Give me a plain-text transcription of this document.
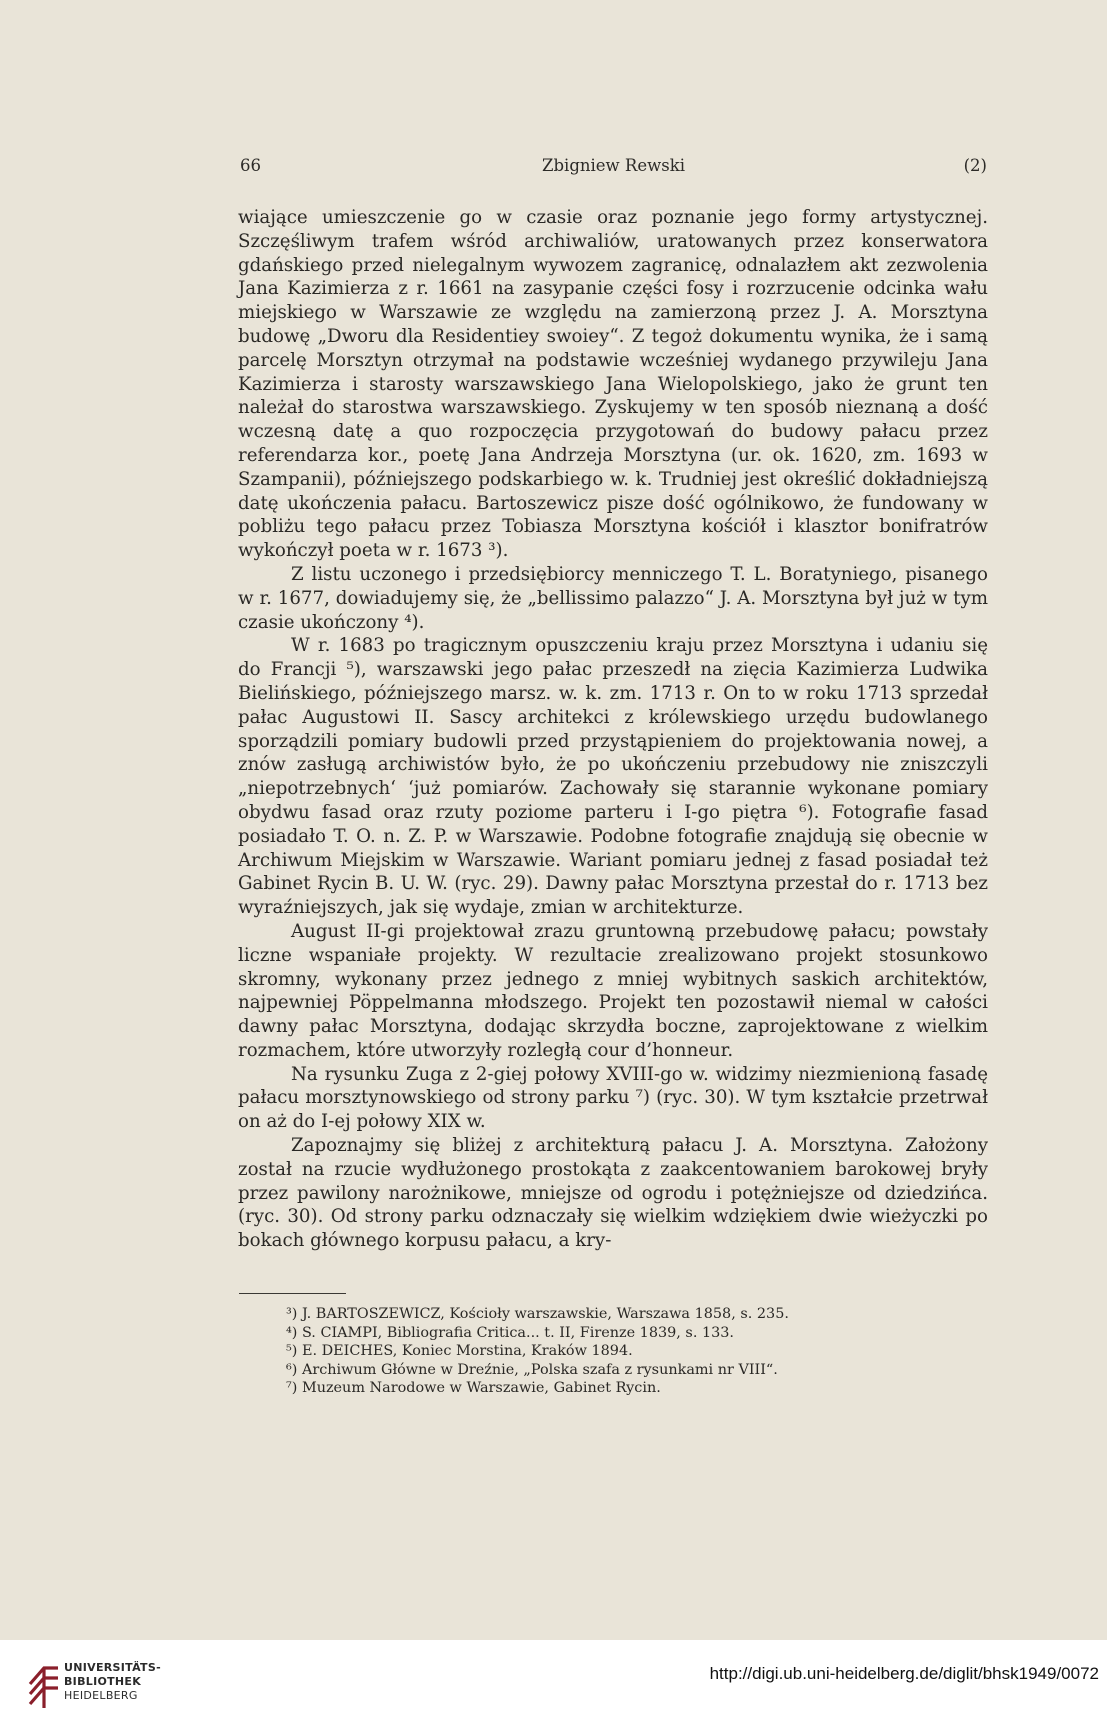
66	Zbigniew Rewski	(2)

wiające umieszczenie go w czasie oraz poznanie jego formy artystycznej. Szczęśliwym trafem wśród archiwaliów, uratowanych przez konserwatora gdańskiego przed nielegalnym wywozem zagranicę, odnalazłem akt zezwolenia Jana Kazimierza z r. 1661 na zasypanie części fosy i rozrzucenie odcinka wału miejskiego w Warszawie ze względu na zamierzoną przez J. A. Morsztyna budowę „Dworu dla Residentiey swoiey“. Z tegoż dokumentu wynika, że i samą parcelę Morsztyn otrzymał na podstawie wcześniej wydanego przywileju Jana Kazimierza i starosty warszawskiego Jana Wielopolskiego, jako że grunt ten należał do starostwa warszawskiego. Zyskujemy w ten sposób nieznaną a dość wczesną datę a quo rozpoczęcia przygotowań do budowy pałacu przez referendarza kor., poetę Jana Andrzeja Morsztyna (ur. ok. 1620, zm. 1693 w Szampanii), późniejszego podskarbiego w. k. Trudniej jest określić dokładniejszą datę ukończenia pałacu. Bartoszewicz pisze dość ogólnikowo, że fundowany w pobliżu tego pałacu przez Tobiasza Morsztyna kościół i klasztor bonifratrów wykończył poeta w r. 1673 ³).

Z listu uczonego i przedsiębiorcy menniczego T. L. Boratyniego, pisanego w r. 1677, dowiadujemy się, że „bellissimo palazzo“ J. A. Morsztyna był już w tym czasie ukończony ⁴).

W r. 1683 po tragicznym opuszczeniu kraju przez Morsztyna i udaniu się do Francji ⁵), warszawski jego pałac przeszedł na zięcia Kazimierza Ludwika Bielińskiego, późniejszego marsz. w. k. zm. 1713 r. On to w roku 1713 sprzedał pałac Augustowi II. Sascy architekci z królewskiego urzędu budowlanego sporządzili pomiary budowli przed przystąpieniem do projektowania nowej, a znów zasługą archiwistów było, że po ukończeniu przebudowy nie zniszczyli „niepotrzebnych‘ ‘już pomiarów. Zachowały się starannie wykonane pomiary obydwu fasad oraz rzuty poziome parteru i I-go piętra ⁶). Fotografie fasad posiadało T. O. n. Z. P. w Warszawie. Podobne fotografie znajdują się obecnie w Archiwum Miejskim w Warszawie. Wariant pomiaru jednej z fasad posiadał też Gabinet Rycin B. U. W. (ryc. 29). Dawny pałac Morsztyna przestał do r. 1713 bez wyraźniejszych, jak się wydaje, zmian w architekturze.

August II-gi projektował zrazu gruntowną przebudowę pałacu; powstały liczne wspaniałe projekty. W rezultacie zrealizowano projekt stosunkowo skromny, wykonany przez jednego z mniej wybitnych saskich architektów, najpewniej Pöppelmanna młodszego. Projekt ten pozostawił niemal w całości dawny pałac Morsztyna, dodając skrzydła boczne, zaprojektowane z wielkim rozmachem, które utworzyły rozległą cour d’honneur.

Na rysunku Zuga z 2-giej połowy XVIII-go w. widzimy niezmienioną fasadę pałacu morsztynowskiego od strony parku ⁷) (ryc. 30). W tym kształcie przetrwał on aż do I-ej połowy XIX w.

Zapoznajmy się bliżej z architekturą pałacu J. A. Morsztyna. Założony został na rzucie wydłużonego prostokąta z zaakcentowaniem barokowej bryły przez pawilony narożnikowe, mniejsze od ogrodu i potężniejsze od dziedzińca. (ryc. 30). Od strony parku odznaczały się wielkim wdziękiem dwie wieżyczki po bokach głównego korpusu pałacu, a kry-

³) J. BARTOSZEWICZ, Kościoły warszawskie, Warszawa 1858, s. 235.
⁴) S. CIAMPI, Bibliografia Critica... t. II, Firenze 1839, s. 133.
⁵) E. DEICHES, Koniec Morstina, Kraków 1894.
⁶) Archiwum Główne w Dreźnie, „Polska szafa z rysunkami nr VIII“.
⁷) Muzeum Narodowe w Warszawie, Gabinet Rycin.
UNIVERSITÄTS-
BIBLIOTHEK
HEIDELBERG
http://digi.ub.uni-heidelberg.de/diglit/bhsk1949/0072
